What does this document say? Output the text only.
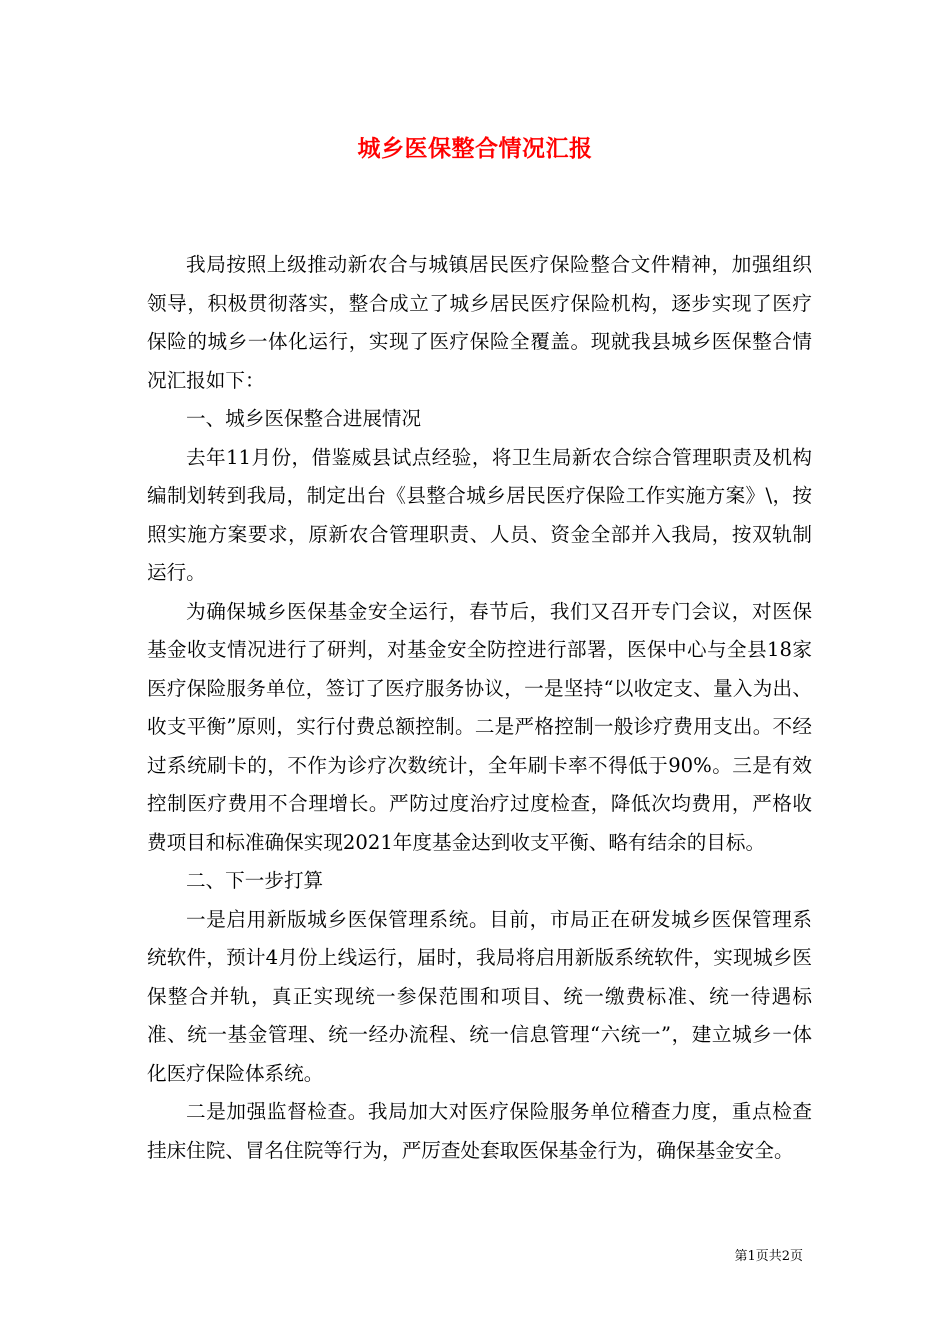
城乡医保整合情况汇报

我局按照上级推动新农合与城镇居民医疗保险整合文件精神，加强组织领导，积极贯彻落实，整合成立了城乡居民医疗保险机构，逐步实现了医疗保险的城乡一体化运行，实现了医疗保险全覆盖。现就我县城乡医保整合情况汇报如下：

一、城乡医保整合进展情况

去年11月份，借鉴威县试点经验，将卫生局新农合综合管理职责及机构编制划转到我局，制定出台《县整合城乡居民医疗保险工作实施方案》\，按照实施方案要求，原新农合管理职责、人员、资金全部并入我局，按双轨制运行。

为确保城乡医保基金安全运行，春节后，我们又召开专门会议，对医保基金收支情况进行了研判，对基金安全防控进行部署，医保中心与全县18家医疗保险服务单位，签订了医疗服务协议，一是坚持“以收定支、量入为出、收支平衡”原则，实行付费总额控制。二是严格控制一般诊疗费用支出。不经过系统刷卡的，不作为诊疗次数统计，全年刷卡率不得低于90%。三是有效控制医疗费用不合理增长。严防过度治疗过度检查，降低次均费用，严格收费项目和标准确保实现2021年度基金达到收支平衡、略有结余的目标。

二、下一步打算

一是启用新版城乡医保管理系统。目前，市局正在研发城乡医保管理系统软件，预计4月份上线运行，届时，我局将启用新版系统软件，实现城乡医保整合并轨，真正实现统一参保范围和项目、统一缴费标准、统一待遇标准、统一基金管理、统一经办流程、统一信息管理“六统一”，建立城乡一体化医疗保险体系统。

二是加强监督检查。我局加大对医疗保险服务单位稽查力度，重点检查挂床住院、冒名住院等行为，严厉查处套取医保基金行为，确保基金安全。

第1页共2页
